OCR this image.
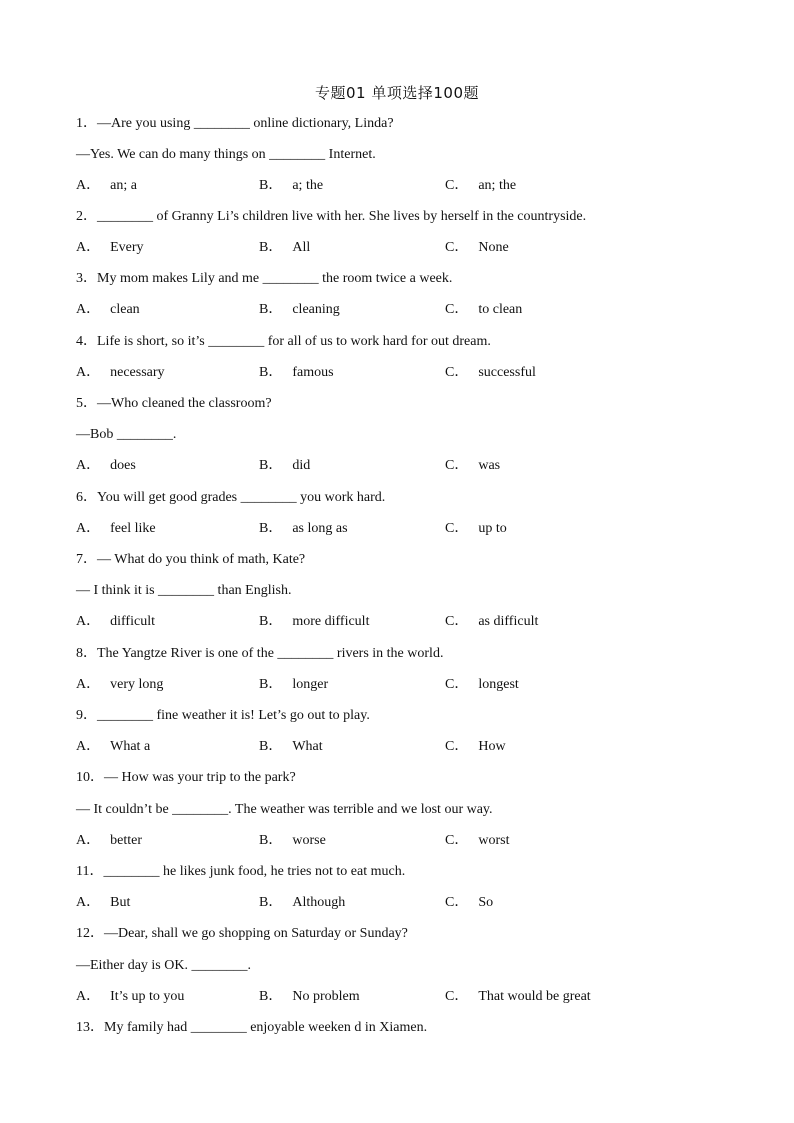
专题01 单项选择100题
1．—Are you using ________ online dictionary, Linda?
—Yes. We can do many things on ________ Internet.
A． an; a	B． a; the	C． an; the
2．________ of Granny Li’s children live with her. She lives by herself in the countryside.
A． Every	B． All	C． None
3．My mom makes Lily and me ________ the room twice a week.
A． clean	B． cleaning	C． to clean
4．Life is short, so it’s ________ for all of us to work hard for out dream.
A． necessary	B． famous	C． successful
5．—Who cleaned the classroom?
—Bob ________.
A． does	B． did	C． was
6．You will get good grades ________ you work hard.
A． feel like	B． as long as	C． up to
7．— What do you think of math, Kate?
— I think it is ________ than English.
A． difficult	B． more difficult	C． as difficult
8．The Yangtze River is one of the ________ rivers in the world.
A． very long	B． longer	C． longest
9．________ fine weather it is! Let’s go out to play.
A． What a	B． What	C． How
10．— How was your trip to the park?
— It couldn’t be ________. The weather was terrible and we lost our way.
A． better	B． worse	C． worst
11．________ he likes junk food, he tries not to eat much.
A． But	B． Although	C． So
12．—Dear, shall we go shopping on Saturday or Sunday?
—Either day is OK. ________.
A． It’s up to you	B． No problem	C． That would be great
13．My family had ________ enjoyable weeken d in Xiamen.
